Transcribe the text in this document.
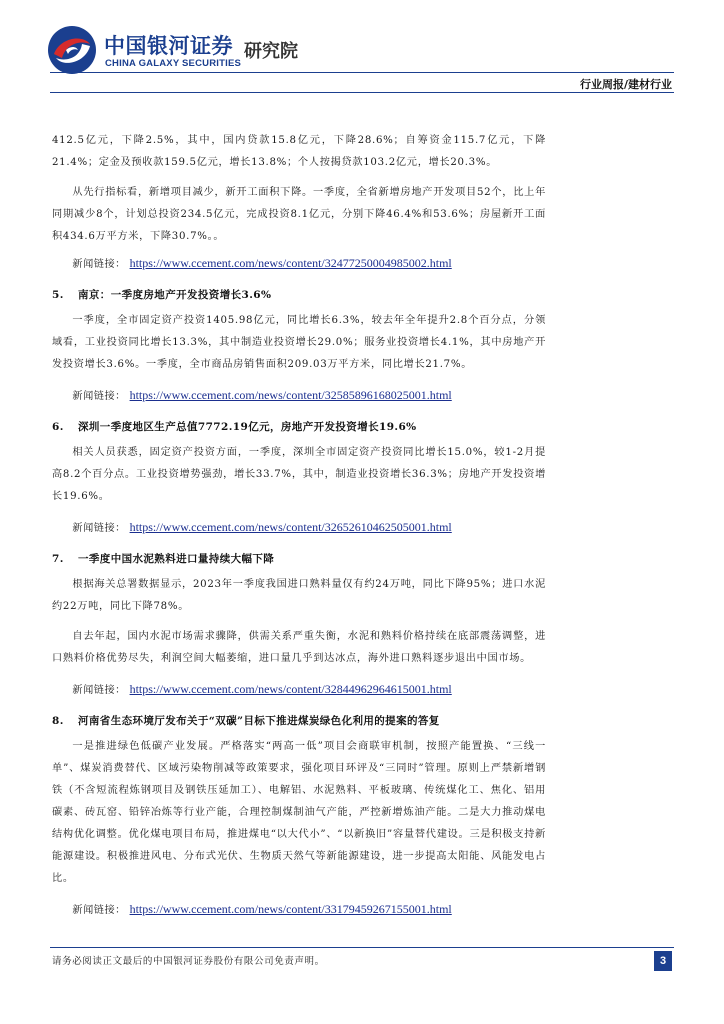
中国银河证券
CHINA GALAXY SECURITIES
研究院
行业周报/建材行业

412.5亿元，下降2.5%，其中，国内贷款15.8亿元，下降28.6%；自筹资金115.7亿元，下降21.4%；定金及预收款159.5亿元，增长13.8%；个人按揭贷款103.2亿元，增长20.3%。

从先行指标看，新增项目减少，新开工面积下降。一季度，全省新增房地产开发项目52个，比上年同期减少8个，计划总投资234.5亿元，完成投资8.1亿元，分别下降46.4%和53.6%；房屋新开工面积434.6万平方米，下降30.7%。。

新闻链接： https://www.ccement.com/news/content/32477250004985002.html

5. 南京：一季度房地产开发投资增长3.6%

一季度，全市固定资产投资1405.98亿元，同比增长6.3%，较去年全年提升2.8个百分点，分领域看，工业投资同比增长13.3%，其中制造业投资增长29.0%；服务业投资增长4.1%，其中房地产开发投资增长3.6%。一季度，全市商品房销售面积209.03万平方米，同比增长21.7%。

新闻链接： https://www.ccement.com/news/content/32585896168025001.html

6. 深圳一季度地区生产总值7772.19亿元，房地产开发投资增长19.6%

相关人员获悉，固定资产投资方面，一季度，深圳全市固定资产投资同比增长15.0%，较1-2月提高8.2个百分点。工业投资增势强劲，增长33.7%，其中，制造业投资增长36.3%；房地产开发投资增长19.6%。

新闻链接： https://www.ccement.com/news/content/32652610462505001.html

7. 一季度中国水泥熟料进口量持续大幅下降

根据海关总署数据显示，2023年一季度我国进口熟料量仅有约24万吨，同比下降95%；进口水泥约22万吨，同比下降78%。

自去年起，国内水泥市场需求骤降，供需关系严重失衡，水泥和熟料价格持续在底部震荡调整，进口熟料价格优势尽失，利润空间大幅萎缩，进口量几乎到达冰点，海外进口熟料逐步退出中国市场。

新闻链接： https://www.ccement.com/news/content/32844962964615001.html

8. 河南省生态环境厅发布关于“双碳”目标下推进煤炭绿色化利用的提案的答复

一是推进绿色低碳产业发展。严格落实“两高一低”项目会商联审机制，按照产能置换、“三线一单”、煤炭消费替代、区域污染物削减等政策要求，强化项目环评及“三同时”管理。原则上严禁新增钢铁（不含短流程炼钢项目及钢铁压延加工）、电解铝、水泥熟料、平板玻璃、传统煤化工、焦化、铝用碳素、砖瓦窑、铅锌冶炼等行业产能，合理控制煤制油气产能，严控新增炼油产能。二是大力推动煤电结构优化调整。优化煤电项目布局，推进煤电“以大代小”、“以新换旧”容量替代建设。三是积极支持新能源建设。积极推进风电、分布式光伏、生物质天然气等新能源建设，进一步提高太阳能、风能发电占比。

新闻链接： https://www.ccement.com/news/content/33179459267155001.html

请务必阅读正文最后的中国银河证券股份有限公司免责声明。	3
